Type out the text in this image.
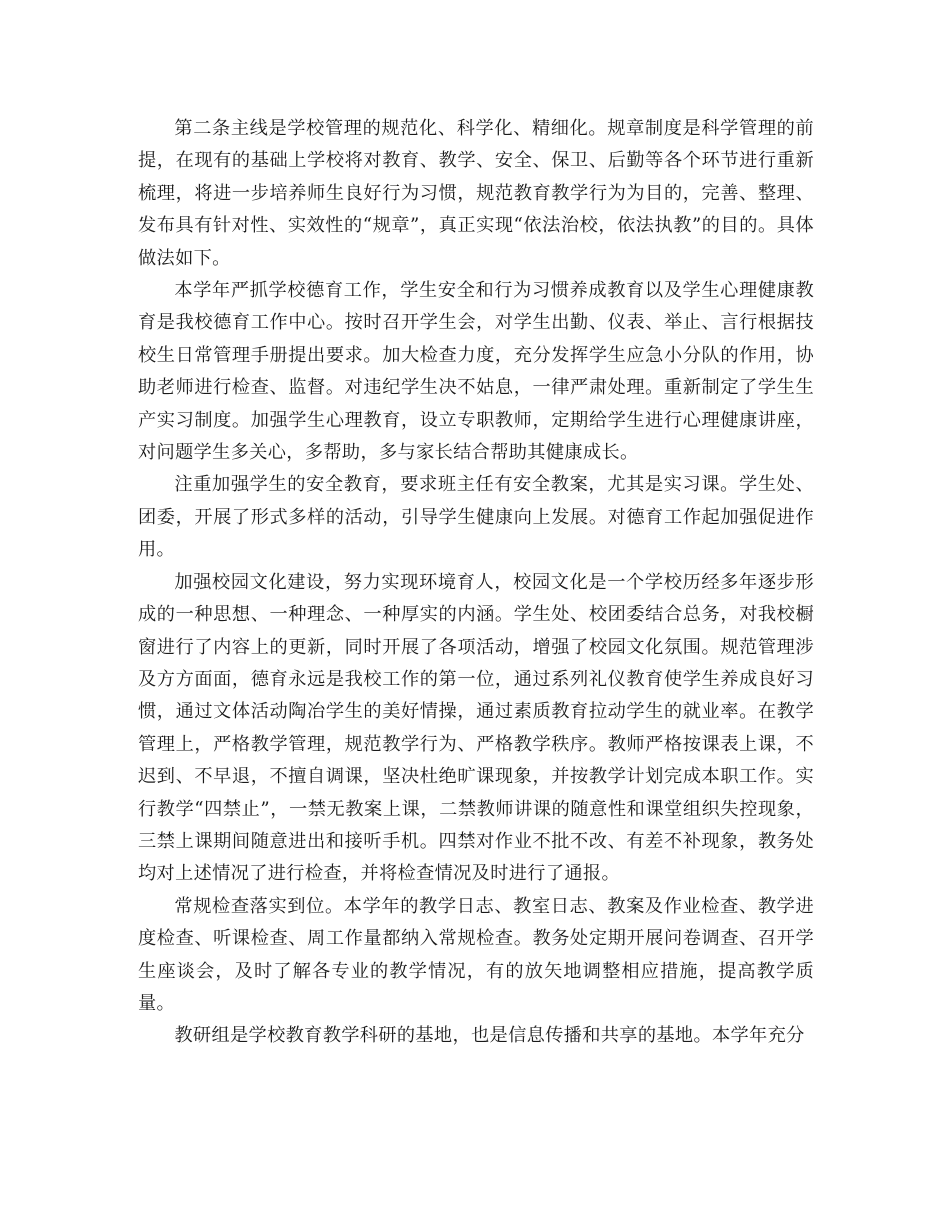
第二条主线是学校管理的规范化、科学化、精细化。规章制度是科学管理的前提，在现有的基础上学校将对教育、教学、安全、保卫、后勤等各个环节进行重新梳理，将进一步培养师生良好行为习惯，规范教育教学行为为目的，完善、整理、发布具有针对性、实效性的“规章”，真正实现“依法治校，依法执教”的目的。具体做法如下。

本学年严抓学校德育工作，学生安全和行为习惯养成教育以及学生心理健康教育是我校德育工作中心。按时召开学生会，对学生出勤、仪表、举止、言行根据技校生日常管理手册提出要求。加大检查力度，充分发挥学生应急小分队的作用，协助老师进行检查、监督。对违纪学生决不姑息，一律严肃处理。重新制定了学生生产实习制度。加强学生心理教育，设立专职教师，定期给学生进行心理健康讲座，对问题学生多关心，多帮助，多与家长结合帮助其健康成长。

注重加强学生的安全教育，要求班主任有安全教案，尤其是实习课。学生处、团委，开展了形式多样的活动，引导学生健康向上发展。对德育工作起加强促进作用。

加强校园文化建设，努力实现环境育人，校园文化是一个学校历经多年逐步形成的一种思想、一种理念、一种厚实的内涵。学生处、校团委结合总务，对我校橱窗进行了内容上的更新，同时开展了各项活动，增强了校园文化氛围。规范管理涉及方方面面，德育永远是我校工作的第一位，通过系列礼仪教育使学生养成良好习惯，通过文体活动陶冶学生的美好情操，通过素质教育拉动学生的就业率。在教学管理上，严格教学管理，规范教学行为、严格教学秩序。教师严格按课表上课，不迟到、不早退，不擅自调课，坚决杜绝旷课现象，并按教学计划完成本职工作。实行教学“四禁止”，一禁无教案上课，二禁教师讲课的随意性和课堂组织失控现象，三禁上课期间随意进出和接听手机。四禁对作业不批不改、有差不补现象，教务处均对上述情况了进行检查，并将检查情况及时进行了通报。

常规检查落实到位。本学年的教学日志、教室日志、教案及作业检查、教学进度检查、听课检查、周工作量都纳入常规检查。教务处定期开展问卷调查、召开学生座谈会，及时了解各专业的教学情况，有的放矢地调整相应措施，提高教学质量。

教研组是学校教育教学科研的基地，也是信息传播和共享的基地。本学年充分
